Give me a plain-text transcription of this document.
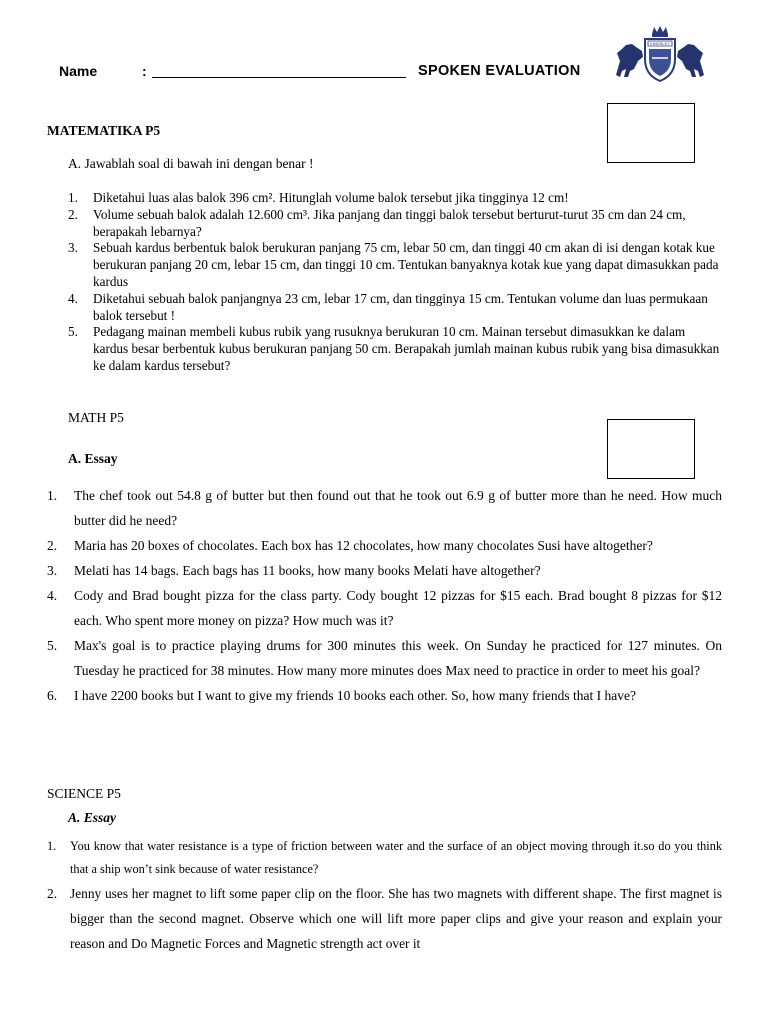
Name	:	SPOKEN EVALUATION
KINGSLEY
MATEMATIKA P5
A. Jawablah soal di bawah ini dengan benar !
1. Diketahui luas alas balok 396 cm². Hitunglah volume balok tersebut jika tingginya 12 cm!
2. Volume sebuah balok adalah 12.600 cm³. Jika panjang dan tinggi balok tersebut berturut-turut 35 cm dan 24 cm, berapakah lebarnya?
3. Sebuah kardus berbentuk balok berukuran panjang 75 cm, lebar 50 cm, dan tinggi 40 cm akan di isi dengan kotak kue berukuran panjang 20 cm, lebar 15 cm, dan tinggi 10 cm. Tentukan banyaknya kotak kue yang dapat dimasukkan pada kardus
4. Diketahui sebuah balok panjangnya 23 cm, lebar 17 cm, dan tingginya 15 cm. Tentukan volume dan luas permukaan balok tersebut !
5. Pedagang mainan membeli kubus rubik yang rusuknya berukuran 10 cm. Mainan tersebut dimasukkan ke dalam kardus besar berbentuk kubus berukuran panjang 50 cm. Berapakah jumlah mainan kubus rubik yang bisa dimasukkan ke dalam kardus tersebut?
MATH P5
A. Essay
1. The chef took out 54.8 g of butter but then found out that he took out 6.9 g of butter more than he need. How much butter did he need?
2. Maria has 20 boxes of chocolates. Each box has 12 chocolates, how many chocolates Susi have altogether?
3. Melati has 14 bags. Each bags has 11 books, how many books Melati have altogether?
4. Cody and Brad bought pizza for the class party. Cody bought 12 pizzas for $15 each. Brad bought 8 pizzas for $12 each. Who spent more money on pizza? How much was it?
5. Max's goal is to practice playing drums for 300 minutes this week. On Sunday he practiced for 127 minutes. On Tuesday he practiced for 38 minutes. How many more minutes does Max need to practice in order to meet his goal?
6. I have 2200 books but I want to give my friends 10 books each other. So, how many friends that I have?
SCIENCE P5
A. Essay
1. You know that water resistance is a type of friction between water and the surface of an object moving through it.so do you think that a ship won’t sink because of water resistance?
2. Jenny uses her magnet to lift some paper clip on the floor. She has two magnets with different shape. The first magnet is bigger than the second magnet. Observe which one will lift more paper clips and give your reason and explain your reason and Do Magnetic Forces and Magnetic strength act over it
